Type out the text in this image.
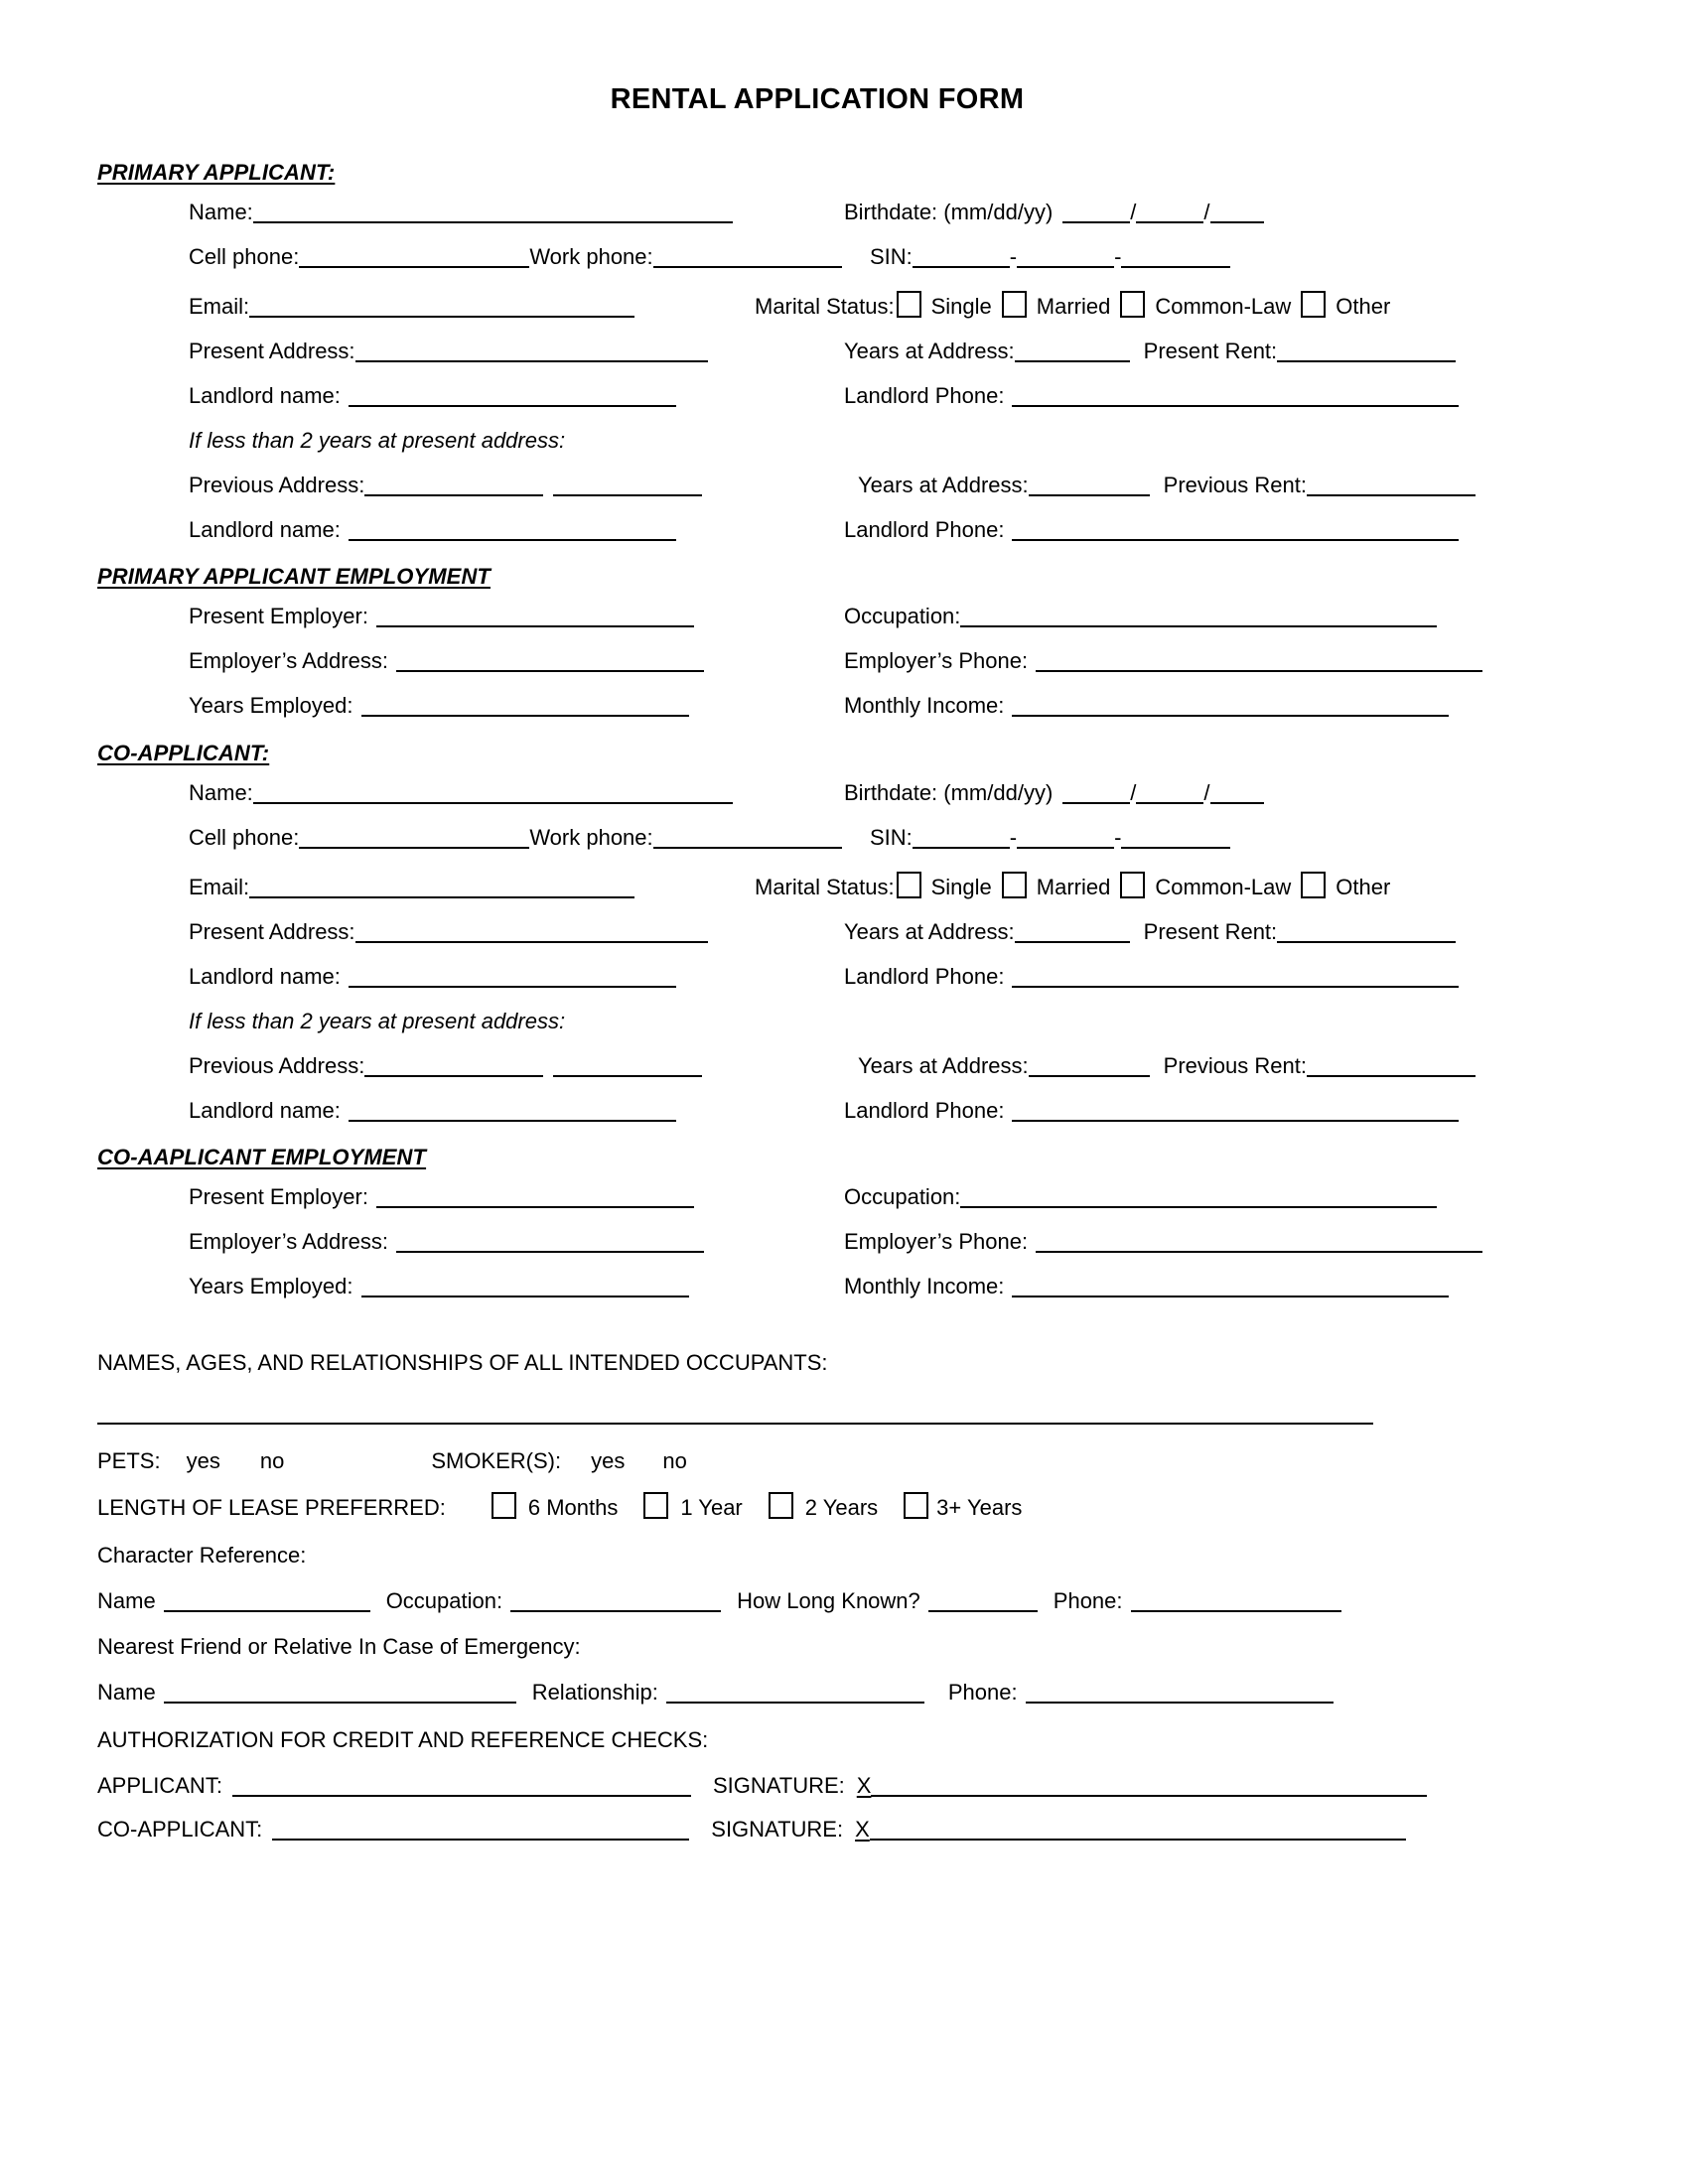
RENTAL APPLICATION FORM
PRIMARY APPLICANT:
Name:	Birthdate: (mm/dd/yy)	/	/
Cell phone:	Work phone:	SIN:	-	-
Email:	Marital Status: Single Married Common-Law Other
Present Address:	Years at Address:	Present Rent:
Landlord name:	Landlord Phone:
If less than 2 years at present address:
Previous Address:	Years at Address:	Previous Rent:
Landlord name:	Landlord Phone:
PRIMARY APPLICANT EMPLOYMENT
Present Employer:	Occupation:
Employer’s Address:	Employer’s Phone:
Years Employed:	Monthly Income:
CO-APPLICANT:
Name:	Birthdate: (mm/dd/yy)	/	/
Cell phone:	Work phone:	SIN:	-	-
Email:	Marital Status: Single Married Common-Law Other
Present Address:	Years at Address:	Present Rent:
Landlord name:	Landlord Phone:
If less than 2 years at present address:
Previous Address:	Years at Address:	Previous Rent:
Landlord name:	Landlord Phone:
CO-AAPLICANT EMPLOYMENT
Present Employer:	Occupation:
Employer’s Address:	Employer’s Phone:
Years Employed:	Monthly Income:
NAMES, AGES, AND RELATIONSHIPS OF ALL INTENDED OCCUPANTS:
PETS: yes no	SMOKER(S): yes no
LENGTH OF LEASE PREFERRED:	6 Months	1 Year	2 Years	3+ Years
Character Reference:
Name	Occupation:	How Long Known?	Phone:
Nearest Friend or Relative In Case of Emergency:
Name	Relationship:	Phone:
AUTHORIZATION FOR CREDIT AND REFERENCE CHECKS:
APPLICANT:	SIGNATURE: X
CO-APPLICANT:	SIGNATURE: X
